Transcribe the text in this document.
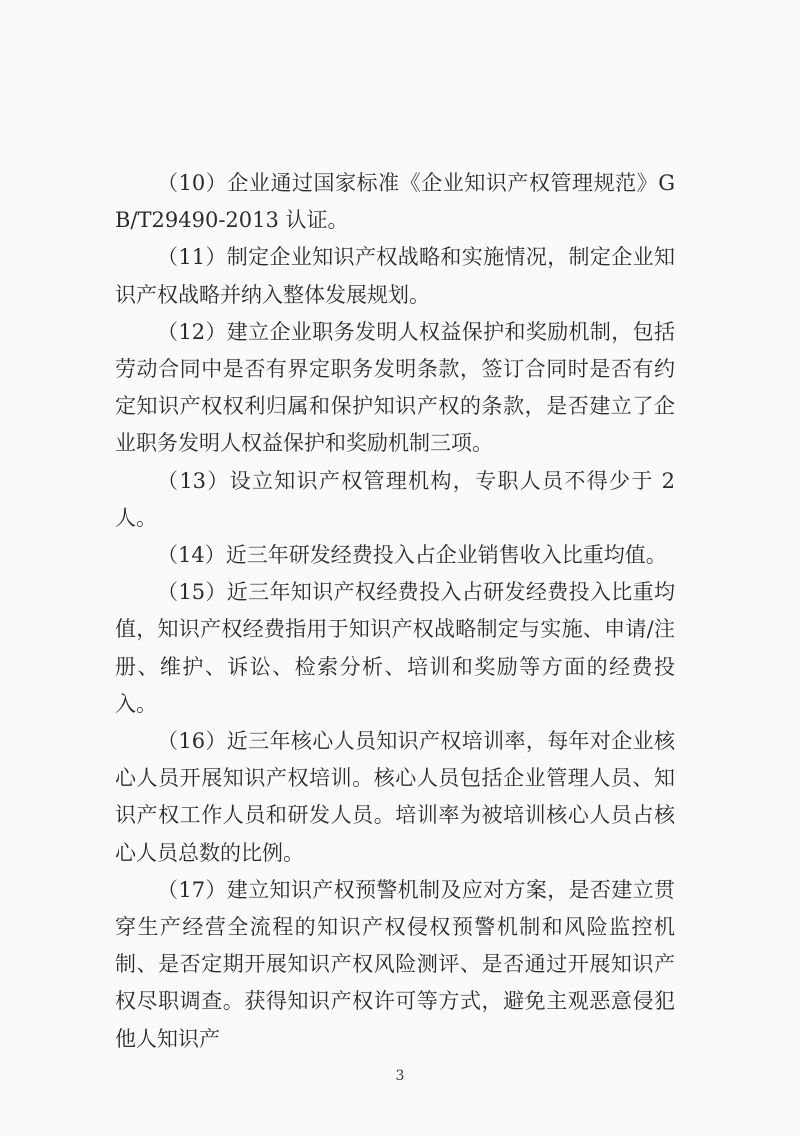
（10）企业通过国家标准《企业知识产权管理规范》GB/T29490-2013 认证。

（11）制定企业知识产权战略和实施情况，制定企业知识产权战略并纳入整体发展规划。

（12）建立企业职务发明人权益保护和奖励机制，包括劳动合同中是否有界定职务发明条款，签订合同时是否有约定知识产权权利归属和保护知识产权的条款，是否建立了企业职务发明人权益保护和奖励机制三项。

（13）设立知识产权管理机构，专职人员不得少于 2 人。

（14）近三年研发经费投入占企业销售收入比重均值。

（15）近三年知识产权经费投入占研发经费投入比重均值，知识产权经费指用于知识产权战略制定与实施、申请/注册、维护、诉讼、检索分析、培训和奖励等方面的经费投入。

（16）近三年核心人员知识产权培训率，每年对企业核心人员开展知识产权培训。核心人员包括企业管理人员、知识产权工作人员和研发人员。培训率为被培训核心人员占核心人员总数的比例。

（17）建立知识产权预警机制及应对方案，是否建立贯穿生产经营全流程的知识产权侵权预警机制和风险监控机制、是否定期开展知识产权风险测评、是否通过开展知识产权尽职调查。获得知识产权许可等方式，避免主观恶意侵犯他人知识产

3
